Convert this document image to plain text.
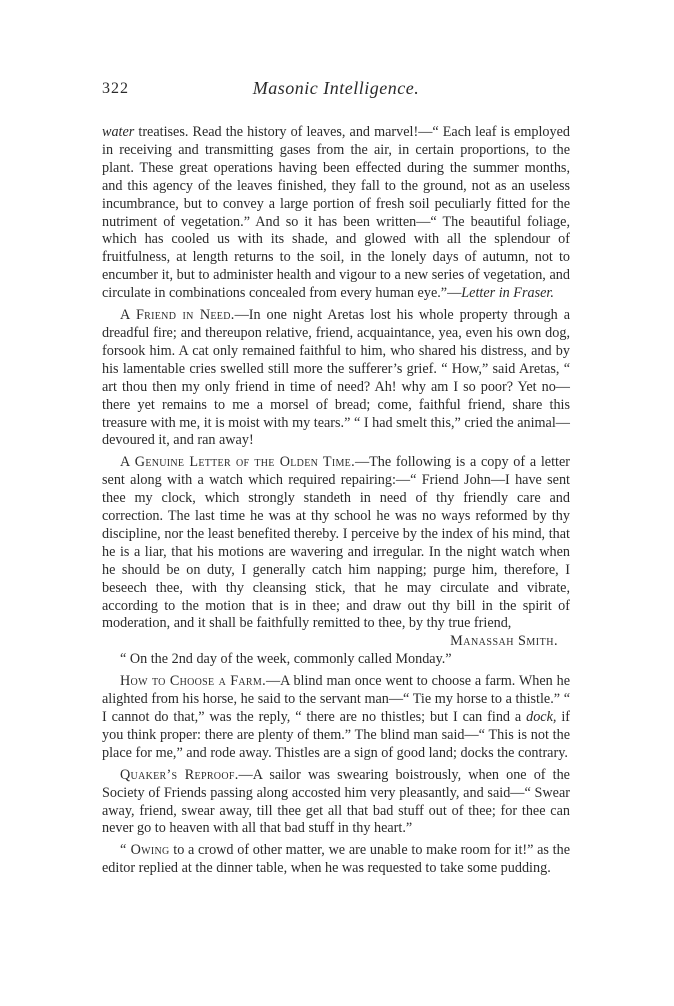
322	Masonic Intelligence.

water treatises. Read the history of leaves, and marvel!—“ Each leaf is employed in receiving and transmitting gases from the air, in certain proportions, to the plant. These great operations having been effected during the summer months, and this agency of the leaves finished, they fall to the ground, not as an useless incumbrance, but to convey a large portion of fresh soil peculiarly fitted for the nutriment of vegetation.” And so it has been written—“ The beautiful foliage, which has cooled us with its shade, and glowed with all the splendour of fruitfulness, at length returns to the soil, in the lonely days of autumn, not to encumber it, but to administer health and vigour to a new series of vegetation, and circulate in combinations concealed from every human eye.”—Letter in Fraser.

A Friend in Need.—In one night Aretas lost his whole property through a dreadful fire; and thereupon relative, friend, acquaintance, yea, even his own dog, forsook him. A cat only remained faithful to him, who shared his distress, and by his lamentable cries swelled still more the sufferer’s grief. “ How,” said Aretas, “ art thou then my only friend in time of need? Ah! why am I so poor? Yet no—there yet remains to me a morsel of bread; come, faithful friend, share this treasure with me, it is moist with my tears.” “ I had smelt this,” cried the animal—devoured it, and ran away!

A Genuine Letter of the Olden Time.—The following is a copy of a letter sent along with a watch which required repairing:—“ Friend John—I have sent thee my clock, which strongly standeth in need of thy friendly care and correction. The last time he was at thy school he was no ways reformed by thy discipline, nor the least benefited thereby. I perceive by the index of his mind, that he is a liar, that his motions are wavering and irregular. In the night watch when he should be on duty, I generally catch him napping; purge him, therefore, I beseech thee, with thy cleansing stick, that he may circulate and vibrate, according to the motion that is in thee; and draw out thy bill in the spirit of moderation, and it shall be faithfully remitted to thee, by thy true friend,

Manassah Smith.

“ On the 2nd day of the week, commonly called Monday.”

How to Choose a Farm.—A blind man once went to choose a farm. When he alighted from his horse, he said to the servant man—“ Tie my horse to a thistle.” “ I cannot do that,” was the reply, “ there are no thistles; but I can find a dock, if you think proper: there are plenty of them.” The blind man said—“ This is not the place for me,” and rode away. Thistles are a sign of good land; docks the contrary.

Quaker’s Reproof.—A sailor was swearing boistrously, when one of the Society of Friends passing along accosted him very pleasantly, and said—“ Swear away, friend, swear away, till thee get all that bad stuff out of thee; for thee can never go to heaven with all that bad stuff in thy heart.”

“ Owing to a crowd of other matter, we are unable to make room for it!” as the editor replied at the dinner table, when he was requested to take some pudding.
